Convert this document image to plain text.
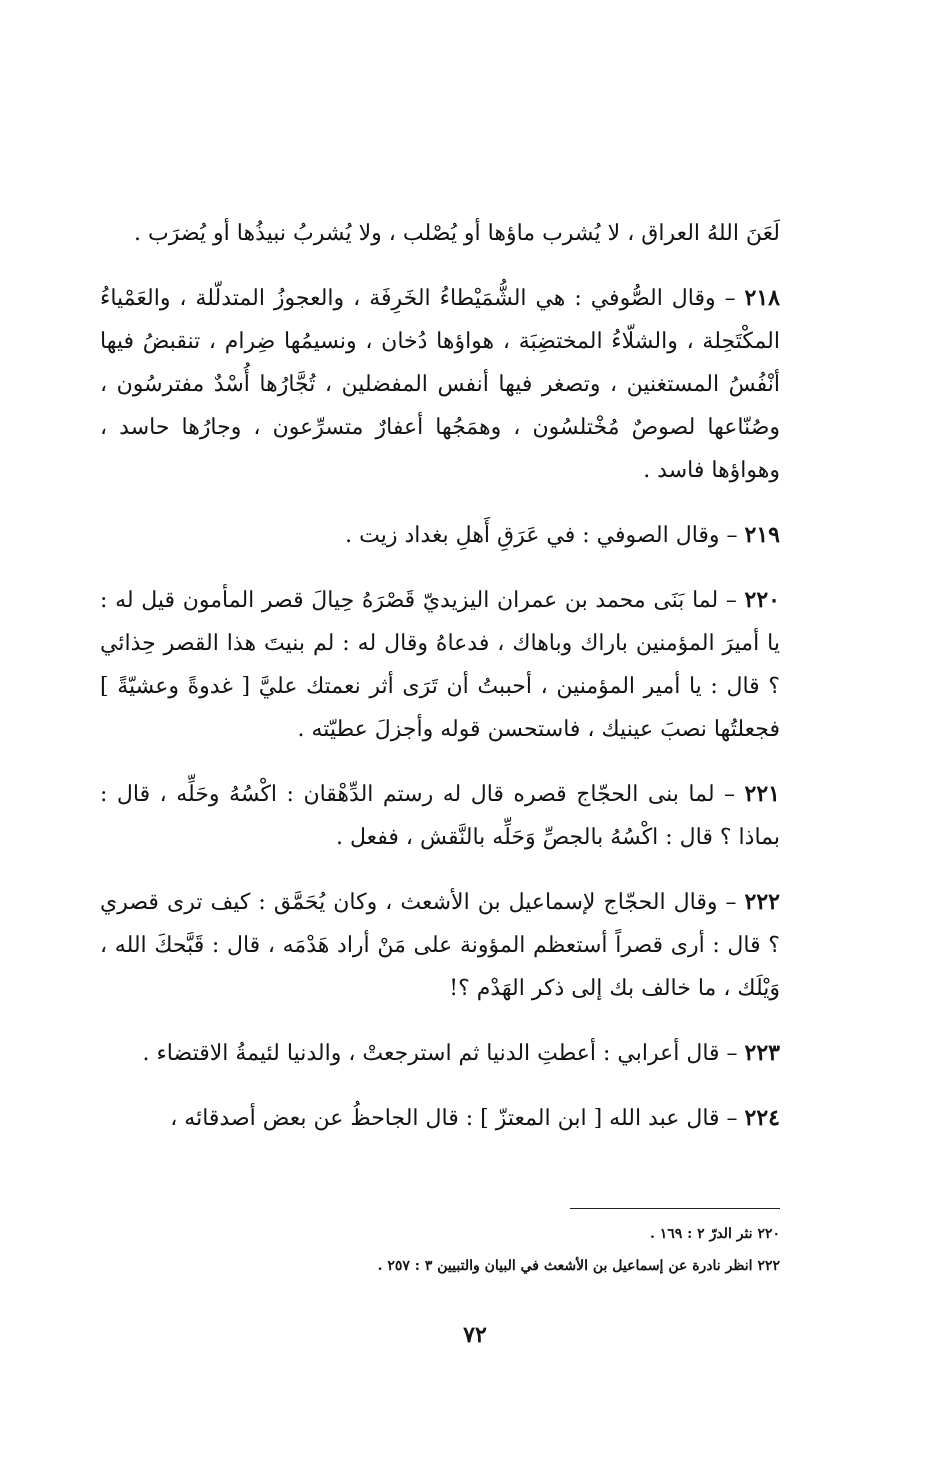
لَعَنَ اللهُ العراق ، لا يُشرب ماؤها أو يُصْلب ، ولا يُشربُ نبيذُها أو يُضرَب .

٢١٨ – وقال الصُّوفي : هي الشُّمَيْطاءُ الخَرِفَة ، والعجوزُ المتدلّلة ، والعَمْياءُ المكْتَحِلة ، والشلّاءُ المختضِبَة ، هواؤها دُخان ، ونسيمُها ضِرام ، تنقبضُ فيها أنْفُسُ المستغنين ، وتصغر فيها أنفس المفضلين ، تُجَّارُها أُسْدٌ مفترسُون ، وصُنّاعها لصوصٌ مُخْتلسُون ، وهمَجُها أعفارٌ متسرِّعون ، وجارُها حاسد ، وهواؤها فاسد .

٢١٩ – وقال الصوفي : في عَرَقِ أَهلِ بغداد زيت .

٢٢٠ – لما بَنَى محمد بن عمران اليزيديّ قَصْرَهُ حِيالَ قصر المأمون قيل له : يا أميرَ المؤمنين باراك وباهاك ، فدعاهُ وقال له : لم بنيتَ هذا القصر حِذائي ؟ قال : يا أمير المؤمنين ، أحببتُ أن تَرَى أثر نعمتك عليَّ [ غدوةً وعشيّةً ] فجعلتُها نصبَ عينيك ، فاستحسن قوله وأجزلَ عطيّته .

٢٢١ – لما بنى الحجّاج قصره قال له رستم الدِّهْقان : اكْسُهُ وحَلِّه ، قال : بماذا ؟ قال : اكْسُهُ بالجصِّ وَحَلِّه بالنَّقش ، ففعل .

٢٢٢ – وقال الحجّاج لإسماعيل بن الأشعث ، وكان يُحَمَّق : كيف ترى قصري ؟ قال : أرى قصراً أستعظم المؤونة على مَنْ أراد هَدْمَه ، قال : قَبَّحكَ الله ، وَيْلَك ، ما خالف بك إلى ذكر الهَدْم ؟!

٢٢٣ – قال أعرابي : أعطتِ الدنيا ثم استرجعتْ ، والدنيا لئيمةُ الاقتضاء .

٢٢٤ – قال عبد الله [ ابن المعتزّ ] : قال الجاحظُ عن بعض أصدقائه ،

٢٢٠ نثر الدرّ ٢ : ١٦٩ .

٢٢٢ انظر نادرة عن إسماعيل بن الأشعث في البيان والتبيين ٣ : ٢٥٧ .

٧٢
